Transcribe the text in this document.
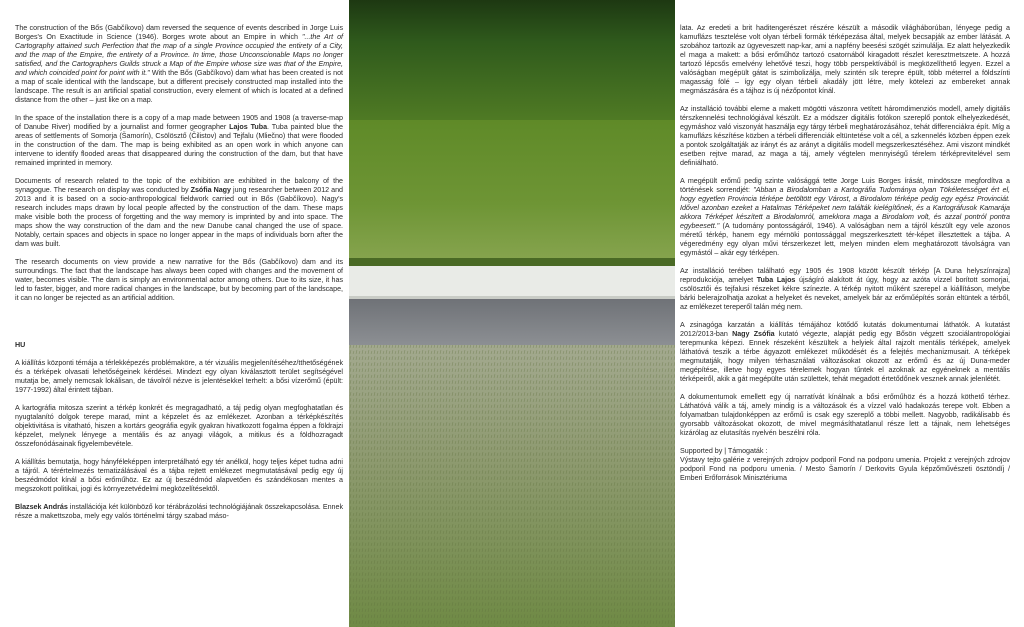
The construction of the Bős (Gabčíkovo) dam reversed the sequence of events described in Jorge Luis Borges's On Exactitude in Science (1946). Borges wrote about an Empire in which "...the Art of Cartography attained such Perfection that the map of a single Province occupied the entirety of a City, and the map of the Empire, the entirety of a Province. In time, those Unconscionable Maps no longer satisfied, and the Cartographers Guilds struck a Map of the Empire whose size was that of the Empire, and which coincided point for point with it." With the Bős (Gabčíkovo) dam what has been created is not a map of scale identical with the landscape, but a different precisely constructed map installed into the landscape. The result is an artificial spatial construction, every element of which is located at a defined distance from the other – just like on a map.

In the space of the installation there is a copy of a map made between 1905 and 1908 (a traverse-map of Danube River) modified by a journalist and former geographer Lajos Tuba. Tuba painted blue the areas of settlements of Somorja (Šamorín), Csölösztő (Čilistov) and Tejfalu (Mliečno) that were flooded in the construction of the dam. The map is being exhibited as an open work in which anyone can intervene to identify flooded areas that disappeared during the construction of the dam, but that have remained imprinted in memory.

Documents of research related to the topic of the exhibition are exhibited in the balcony of the synagogue. The research on display was conducted by Zsófia Nagy jung researcher between 2012 and 2013 and it is based on a socio-anthropological fieldwork carried out in Bős (Gabčíkovo). Nagy's research includes maps drawn by local people affected by the construction of the dam. These maps make visible both the process of forgetting and the way memory is imprinted by and into space. The maps show the way construction of the dam and the new Danube canal changed the use of space. Notably, certain spaces and objects in space no longer appear in the maps of individuals born after the dam was built.

The research documents on view provide a new narrative for the Bős (Gabčíkovo) dam and its surroundings. The fact that the landscape has always been coped with changes and the movement of water, becomes visible. The dam is simply an environmental actor among others. Due to its size, it has led to faster, bigger, and more radical changes in the landscape, but by becoming part of the landscape, it can no longer be rejected as an artificial addition.

HU

A kiállítás központi témája a térlekképezés problémaköre, a tér vizuális megjelenítéséhez/tthetőségének és a térképek olvasati lehetőségeinek kérdései. Mindezt egy olyan kiválasztott terület segítségével mutatja be, amely nemcsak lokálisan, de távolról nézve is jelentésekkel terhelt: a bősi vízerőmű (épült: 1977-1992) által érintett tájban.

A kartográfia mitosza szerint a térkép konkrét és megragadható, a táj pedig olyan megfoghatatlan és nyugtalanító dolgok terepe marad, mint a képzelet és az emlékezet. Azonban a térképkészítés objektivitása is vitatható, hiszen a kortárs geográfia egyik gyakran hivatkozott fogalma éppen a földrajzi képzelet, melynek lényege a mentális és az anyagi világok, a mitikus és a földhozragadt összefonódásainak figyelembevétele.

A kiállítás bemutatja, hogy hányféleképpen interpretálható egy tér anélkül, hogy teljes képet tudna adni a tájról. A térértelmezés tematizálásával és a tájba rejtett emlékezet megmutatásával pedig egy új beszédmódot kínál a bősi erőműhöz. Ez az új beszédmód alapvetően és szándékosan mentes a megszokott politikai, jogi és környezetvédelmi megközelítésektől.

Blazsek András installációja két különböző kor térábrázolási technológiájának összekapcsolása. Ennek része a makettszoba, mely egy valós történelmi tárgy szabad máso-

lata. Az eredeti a brit haditengerészet részére készült a második világháborúban, lényege pedig a kamuflázs tesztelése volt olyan térbeli formák térképezása által, melyek becsapják az ember látását. A szobához tartozik az ügyeveszett nap-kar, ami a napfény beesési szögét szimulálja. Ez alatt helyezkedik el maga a makett: a bősi erőműhöz tartozó csatornából kiragadott részlet keresztmetszete. A hozzá tartozó lépcsős emelvény lehetővé teszi, hogy több perspektívából is megközelíthető legyen. Ezzel a valóságban megépült gátat is szimbolizálja, mely szintén sík terepre épült, több méterrel a földszínti magasság fölé – így egy olyan térbeli akadály jött létre, mely kötelezi az embereket annak megmászására és a tájhoz is új nézőpontot kínál.

Az installáció további eleme a makett mögötti vászonra vetített háromdimenziós modell, amely digitális térszkennelési technológiával készült. Ez a módszer digitális fotókon szereplő pontok elhelyezkedését, egymáshoz való viszonyát használja egy tárgy térbeli meghatározásához, tehát differenciákra épít. Míg a kamuflázs készítése közben a térbeli differenciák eltüntetése volt a cél, a szkennelés közben éppen ezek a pontok szolgáltatják az irányt és az arányt a digitális modell megszerkesztéséhez. Ami viszont mindkét esetben rejtve marad, az maga a táj, amely végtelen mennyiségű térelem térképrevitelével sem definiálható.

A megépült erőmű pedig szinte valósággá tette Jorge Luis Borges írását, mindössze megfordítva a történések sorrendjét: "Abban a Birodalomban a Kartográfia Tudománya olyan Tökéletességet ért el, hogy egyetlen Provincia térképe betöltött egy Várost, a Birodalom térképe pedig egy egész Provinciát. Idővel azonban ezeket a Hatalmas Térképeket nem találták kielégítőnek, és a Kartográfusok Kamarája akkora Térképet készített a Birodalomról, amekkora maga a Birodalom volt, és azzal pontról pontra egybeesett." (A tudomány pontosságáról, 1946). A valóságban nem a tájról készült egy vele azonos méretű térkép, hanem egy mérnöki pontossággal megszerkesztett tér-képet illesztettek a tájba. A végeredmény egy olyan művi térszerkezet lett, melyen minden elem meghatározott távolságra van egymástól – akár egy térképen.

Az installáció terében található egy 1905 és 1908 között készült térkép [A Duna helyszínrajza] reprodukciója, amelyet Tuba Lajos újságíró alakított át úgy, hogy az azóta vízzel borított somorjai, csölösztői és tejfalusi részeket kékre színezte. A térkép nyitott műként szerepel a kiállításon, melybe bárki belerajzolhatja azokat a helyeket és neveket, amelyek bár az erőműépítés során eltüntek a térből, az emlékezet tereperől talán még nem.

A zsinagóga karzatán a kiállítás témájához kötődő kutatás dokumentumai láthatók. A kutatást 2012/2013-ban Nagy Zsófia kutató végezte, alapját pedig egy Bősön végzett szociálantropológiai terepmunka képezi. Ennek részeként készültek a helyiek által rajzolt mentális térképek, amelyek láthatóvá teszik a térbe ágyazott emlékezet működését és a felejtés mechanizmusait. A térképek megmutatják, hogy milyen térhasználati változásokat okozott az erőmű és az új Duna-meder megépítése, illetve hogy egyes térelemek hogyan tűntek el azoknak az egyéneknek a mentális térképeiről, akik a gát megépülte után születtek, tehát megadott értetődőnek vesznek annak jelenlétét.

A dokumentumok emellett egy új narratívát kínálnak a bősi erőműhöz és a hozzá köthető térhez. Láthatóvá válik a táj, amely mindig is a változások és a vízzel való hadakozás terepe volt. Ebben a folyamatban tulajdonképpen az erőmű is csak egy szereplő a többi mellett. Nagyobb, radikálisabb és gyorsabb változásokat okozott, de mivel megmásíthatatlanul része lett a tájnak, nem lehetséges kizárólag az elutasítás nyelvén beszélni róla.

Supported by | Támogaták :

Výstavy tejto galérie z verejných zdrojov podporil Fond na podporu umenia. Projekt z verejných zdrojov podporil Fond na podporu umenia. / Mesto Šamorín / Derkovits Gyula képzőművészeti ösztöndíj / Emberi Erőforrások Minisztériuma
